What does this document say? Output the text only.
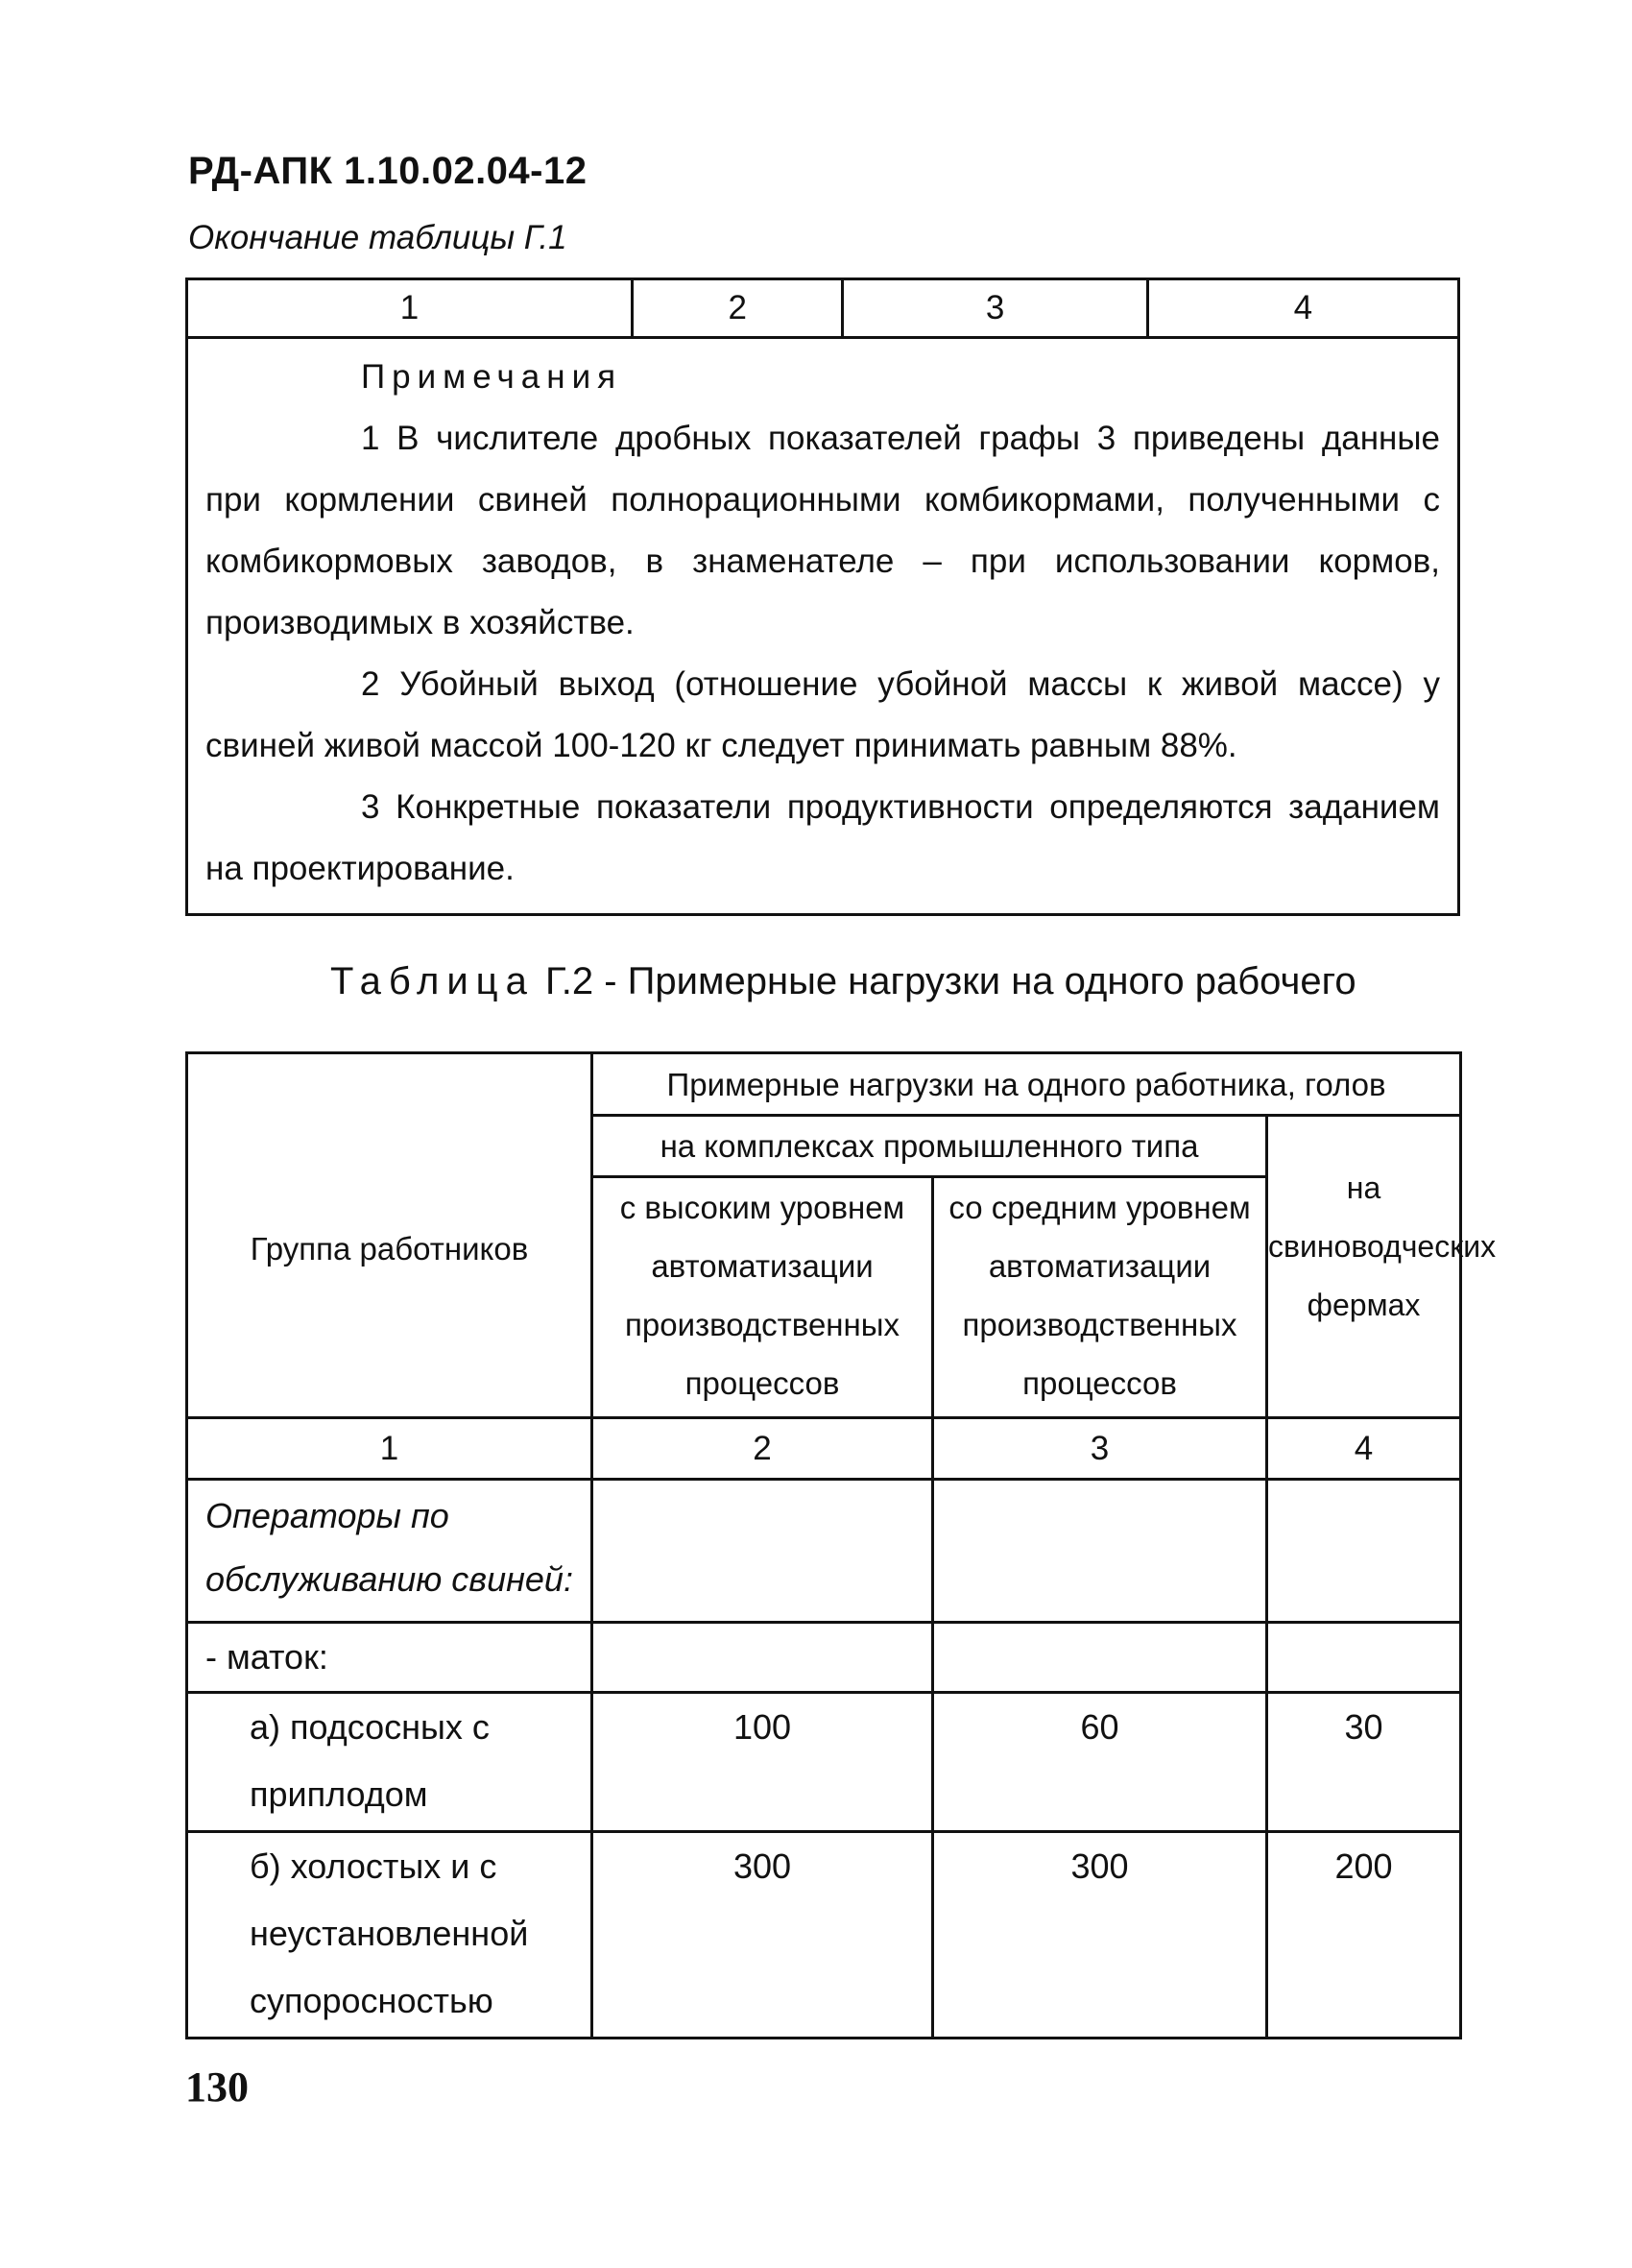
РД-АПК 1.10.02.04-12
Окончание таблицы Г.1
1	2	3	4

Примечания

1 В числителе дробных показателей графы 3 приведены данные при кормлении свиней полнорационными комбикормами, полученными с комбикормовых заводов, в знаменателе – при использовании кормов, производимых в хозяйстве.

2 Убойный выход (отношение убойной массы к живой массе) у свиней живой массой 100-120 кг следует принимать равным 88%.

3 Конкретные показатели продуктивности определяются заданием на проектирование.

Таблица Г.2 - Примерные нагрузки на одного рабочего
Группа работников	Примерные нагрузки на одного работника, голов		
	на комплексах промышленного типа		на свиноводческих фермах
	с высоким уровнем автоматизации производственных процессов	со средним уровнем автоматизации производственных процессов	
1	2	3	4
Операторы по обслуживанию свиней:			
- маток:			
а) подсосных с приплодом	100	60	30
б) холостых и с неустановленной супоросностью	300	300	200
130
